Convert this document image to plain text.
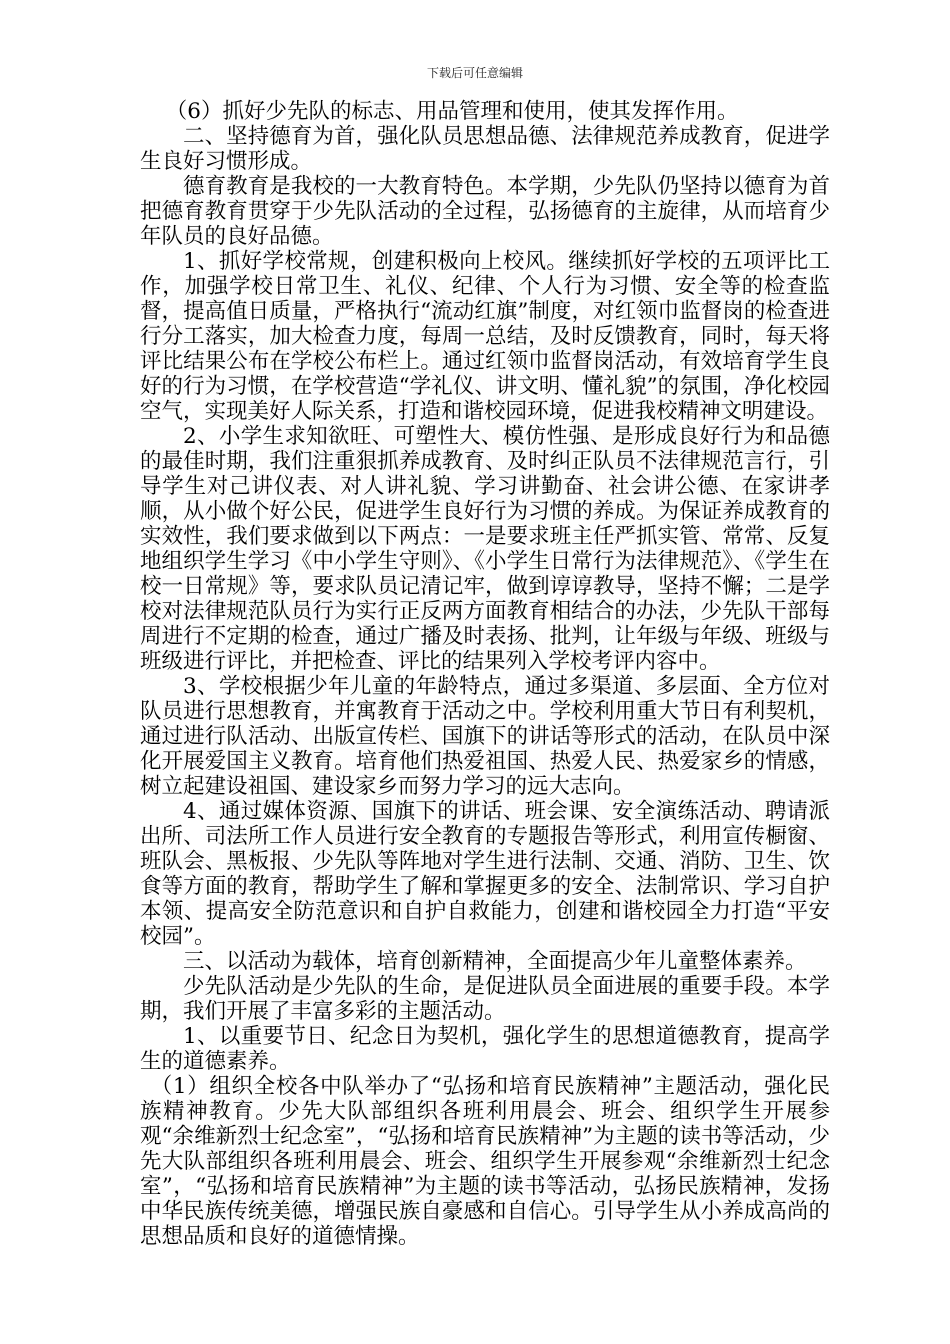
下载后可任意编辑

（6）抓好少先队的标志、用品管理和使用，使其发挥作用。

二、坚持德育为首，强化队员思想品德、法律规范养成教育，促进学生良好习惯形成。

德育教育是我校的一大教育特色。本学期，少先队仍坚持以德育为首把德育教育贯穿于少先队活动的全过程，弘扬德育的主旋律，从而培育少年队员的良好品德。

1、抓好学校常规，创建积极向上校风。继续抓好学校的五项评比工作，加强学校日常卫生、礼仪、纪律、个人行为习惯、安全等的检查监督，提高值日质量，严格执行“流动红旗”制度，对红领巾监督岗的检查进行分工落实，加大检查力度，每周一总结，及时反馈教育，同时，每天将评比结果公布在学校公布栏上。通过红领巾监督岗活动，有效培育学生良好的行为习惯，在学校营造“学礼仪、讲文明、懂礼貌”的氛围，净化校园空气，实现美好人际关系，打造和谐校园环境，促进我校精神文明建设。

2、小学生求知欲旺、可塑性大、模仿性强、是形成良好行为和品德的最佳时期，我们注重狠抓养成教育、及时纠正队员不法律规范言行，引导学生对己讲仪表、对人讲礼貌、学习讲勤奋、社会讲公德、在家讲孝顺，从小做个好公民，促进学生良好行为习惯的养成。为保证养成教育的实效性，我们要求做到以下两点：一是要求班主任严抓实管、常常、反复地组织学生学习《中小学生守则》、《小学生日常行为法律规范》、《学生在校一日常规》等，要求队员记清记牢，做到谆谆教导，坚持不懈；二是学校对法律规范队员行为实行正反两方面教育相结合的办法，少先队干部每周进行不定期的检查，通过广播及时表扬、批判，让年级与年级、班级与班级进行评比，并把检查、评比的结果列入学校考评内容中。

3、学校根据少年儿童的年龄特点，通过多渠道、多层面、全方位对队员进行思想教育，并寓教育于活动之中。学校利用重大节日有利契机，通过进行队活动、出版宣传栏、国旗下的讲话等形式的活动，在队员中深化开展爱国主义教育。培育他们热爱祖国、热爱人民、热爱家乡的情感，树立起建设祖国、建设家乡而努力学习的远大志向。

4、通过媒体资源、国旗下的讲话、班会课、安全演练活动、聘请派出所、司法所工作人员进行安全教育的专题报告等形式，利用宣传橱窗、班队会、黑板报、少先队等阵地对学生进行法制、交通、消防、卫生、饮食等方面的教育，帮助学生了解和掌握更多的安全、法制常识、学习自护本领、提高安全防范意识和自护自救能力，创建和谐校园全力打造“平安校园”。

三、以活动为载体，培育创新精神，全面提高少年儿童整体素养。

少先队活动是少先队的生命，是促进队员全面进展的重要手段。本学期，我们开展了丰富多彩的主题活动。

1、以重要节日、纪念日为契机，强化学生的思想道德教育，提高学生的道德素养。

（1）组织全校各中队举办了“弘扬和培育民族精神”主题活动，强化民族精神教育。少先大队部组织各班利用晨会、班会、组织学生开展参观“余维新烈士纪念室”，“弘扬和培育民族精神”为主题的读书等活动，少先大队部组织各班利用晨会、班会、组织学生开展参观“余维新烈士纪念室”，“弘扬和培育民族精神”为主题的读书等活动，弘扬民族精神，发扬中华民族传统美德，增强民族自豪感和自信心。引导学生从小养成高尚的思想品质和良好的道德情操。
